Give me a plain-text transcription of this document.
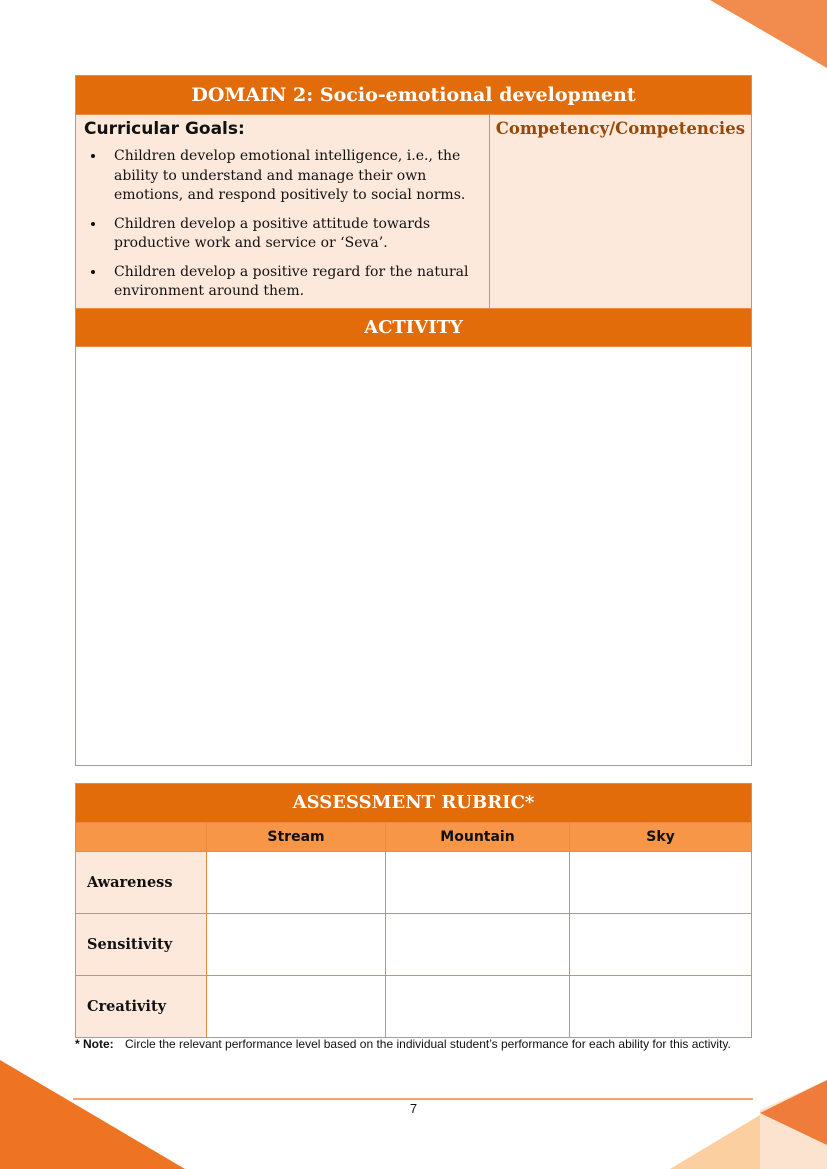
DOMAIN 2: Socio-emotional development

Curricular Goals:
• Children develop emotional intelligence, i.e., the ability to understand and manage their own emotions, and respond positively to social norms.
• Children develop a positive attitude towards productive work and service or ‘Seva’.
• Children develop a positive regard for the natural environment around them.
	Competency/Competencies
ACTIVITY

ASSESSMENT RUBRIC*			
	Stream	Mountain	Sky
Awareness			
Sensitivity			
Creativity			
* Note: Circle the relevant performance level based on the individual student’s performance for each ability for this activity.
7
